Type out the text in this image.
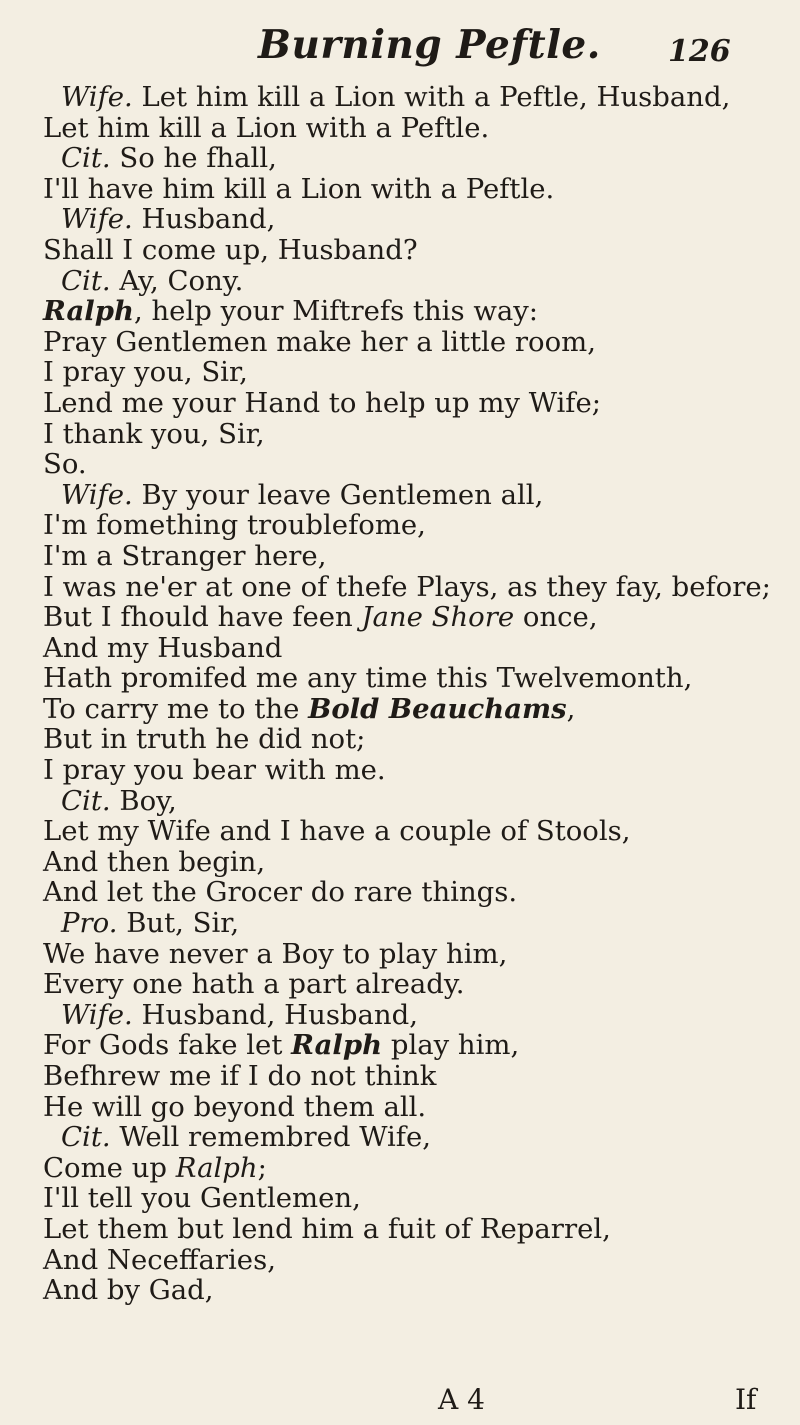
Burning Peftle. 126
Wife. Let him kill a Lion with a Peftle, Husband,
Let him kill a Lion with a Peftle.
Cit. So he fhall,
I'll have him kill a Lion with a Peftle.
Wife. Husband,
Shall I come up, Husband?
Cit. Ay, Cony.
Ralph, help your Miftrefs this way:
Pray Gentlemen make her a little room,
I pray you, Sir,
Lend me your Hand to help up my Wife;
I thank you, Sir,
So.
Wife. By your leave Gentlemen all,
I'm fomething troublefome,
I'm a Stranger here,
I was ne'er at one of thefe Plays, as they fay, before;
But I fhould have feen Jane Shore once,
And my Husband
Hath promifed me any time this Twelvemonth,
To carry me to the Bold Beauchams,
But in truth he did not;
I pray you bear with me.
Cit. Boy,
Let my Wife and I have a couple of Stools,
And then begin,
And let the Grocer do rare things.
Pro. But, Sir,
We have never a Boy to play him,
Every one hath a part already.
Wife. Husband, Husband,
For Gods fake let Ralph play him,
Befhrew me if I do not think
He will go beyond them all.
Cit. Well remembred Wife,
Come up Ralph;
I'll tell you Gentlemen,
Let them but lend him a fuit of Reparrel,
And Neceffaries,
And by Gad,
A 4	If
